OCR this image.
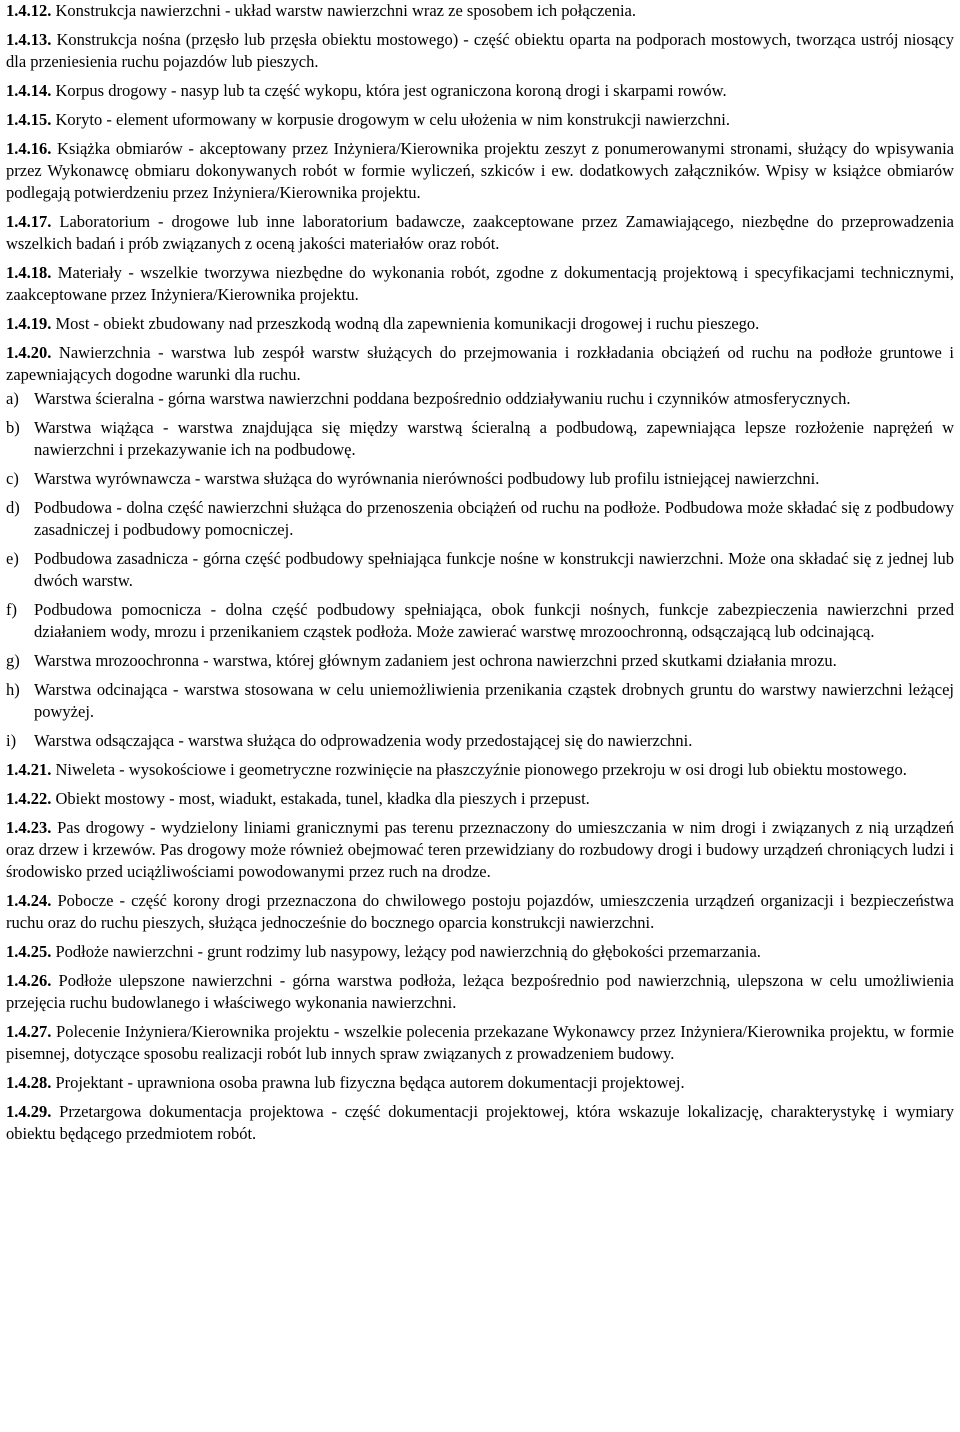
1.4.12. Konstrukcja nawierzchni - układ warstw nawierzchni wraz ze sposobem ich połączenia.

1.4.13. Konstrukcja nośna (przęsło lub przęsła obiektu mostowego) - część obiektu oparta na podporach mostowych, tworząca ustrój niosący dla przeniesienia ruchu pojazdów lub pieszych.

1.4.14. Korpus drogowy - nasyp lub ta część wykopu, która jest ograniczona koroną drogi i skarpami rowów.

1.4.15. Koryto - element uformowany w korpusie drogowym w celu ułożenia w nim konstrukcji nawierzchni.

1.4.16. Książka obmiarów - akceptowany przez Inżyniera/Kierownika projektu zeszyt z ponumerowanymi stronami, służący do wpisywania przez Wykonawcę obmiaru dokonywanych robót w formie wyliczeń, szkiców i ew. dodatkowych załączników. Wpisy w książce obmiarów podlegają potwierdzeniu przez Inżyniera/Kierownika projektu.

1.4.17. Laboratorium - drogowe lub inne laboratorium badawcze, zaakceptowane przez Zamawiającego, niezbędne do przeprowadzenia wszelkich badań i prób związanych z oceną jakości materiałów oraz robót.

1.4.18. Materiały - wszelkie tworzywa niezbędne do wykonania robót, zgodne z dokumentacją projektową i specyfikacjami technicznymi, zaakceptowane przez Inżyniera/Kierownika projektu.

1.4.19. Most - obiekt zbudowany nad przeszkodą wodną dla zapewnienia komunikacji drogowej i ruchu pieszego.

1.4.20. Nawierzchnia - warstwa lub zespół warstw służących do przejmowania i rozkładania obciążeń od ruchu na podłoże gruntowe i zapewniających dogodne warunki dla ruchu.

a) Warstwa ścieralna - górna warstwa nawierzchni poddana bezpośrednio oddziaływaniu ruchu i czynników atmosferycznych.

b) Warstwa wiążąca - warstwa znajdująca się między warstwą ścieralną a podbudową, zapewniająca lepsze rozłożenie naprężeń w nawierzchni i przekazywanie ich na podbudowę.

c) Warstwa wyrównawcza - warstwa służąca do wyrównania nierówności podbudowy lub profilu istniejącej nawierzchni.

d) Podbudowa - dolna część nawierzchni służąca do przenoszenia obciążeń od ruchu na podłoże. Podbudowa może składać się z podbudowy zasadniczej i podbudowy pomocniczej.

e) Podbudowa zasadnicza - górna część podbudowy spełniająca funkcje nośne w konstrukcji nawierzchni. Może ona składać się z jednej lub dwóch warstw.

f) Podbudowa pomocnicza - dolna część podbudowy spełniająca, obok funkcji nośnych, funkcje zabezpieczenia nawierzchni przed działaniem wody, mrozu i przenikaniem cząstek podłoża. Może zawierać warstwę mrozoochronną, odsączającą lub odcinającą.

g) Warstwa mrozoochronna - warstwa, której głównym zadaniem jest ochrona nawierzchni przed skutkami działania mrozu.

h) Warstwa odcinająca - warstwa stosowana w celu uniemożliwienia przenikania cząstek drobnych gruntu do warstwy nawierzchni leżącej powyżej.

i) Warstwa odsączająca - warstwa służąca do odprowadzenia wody przedostającej się do nawierzchni.

1.4.21. Niweleta - wysokościowe i geometryczne rozwinięcie na płaszczyźnie pionowego przekroju w osi drogi lub obiektu mostowego.

1.4.22. Obiekt mostowy - most, wiadukt, estakada, tunel, kładka dla pieszych i przepust.

1.4.23. Pas drogowy - wydzielony liniami granicznymi pas terenu przeznaczony do umieszczania w nim drogi i związanych z nią urządzeń oraz drzew i krzewów. Pas drogowy może również obejmować teren przewidziany do rozbudowy drogi i budowy urządzeń chroniących ludzi i środowisko przed uciążliwościami powodowanymi przez ruch na drodze.

1.4.24. Pobocze - część korony drogi przeznaczona do chwilowego postoju pojazdów, umieszczenia urządzeń organizacji i bezpieczeństwa ruchu oraz do ruchu pieszych, służąca jednocześnie do bocznego oparcia konstrukcji nawierzchni.

1.4.25. Podłoże nawierzchni - grunt rodzimy lub nasypowy, leżący pod nawierzchnią do głębokości przemarzania.

1.4.26. Podłoże ulepszone nawierzchni - górna warstwa podłoża, leżąca bezpośrednio pod nawierzchnią, ulepszona w celu umożliwienia przejęcia ruchu budowlanego i właściwego wykonania nawierzchni.

1.4.27. Polecenie Inżyniera/Kierownika projektu - wszelkie polecenia przekazane Wykonawcy przez Inżyniera/Kierownika projektu, w formie pisemnej, dotyczące sposobu realizacji robót lub innych spraw związanych z prowadzeniem budowy.

1.4.28. Projektant - uprawniona osoba prawna lub fizyczna będąca autorem dokumentacji projektowej.

1.4.29. Przetargowa dokumentacja projektowa - część dokumentacji projektowej, która wskazuje lokalizację, charakterystykę i wymiary obiektu będącego przedmiotem robót.
